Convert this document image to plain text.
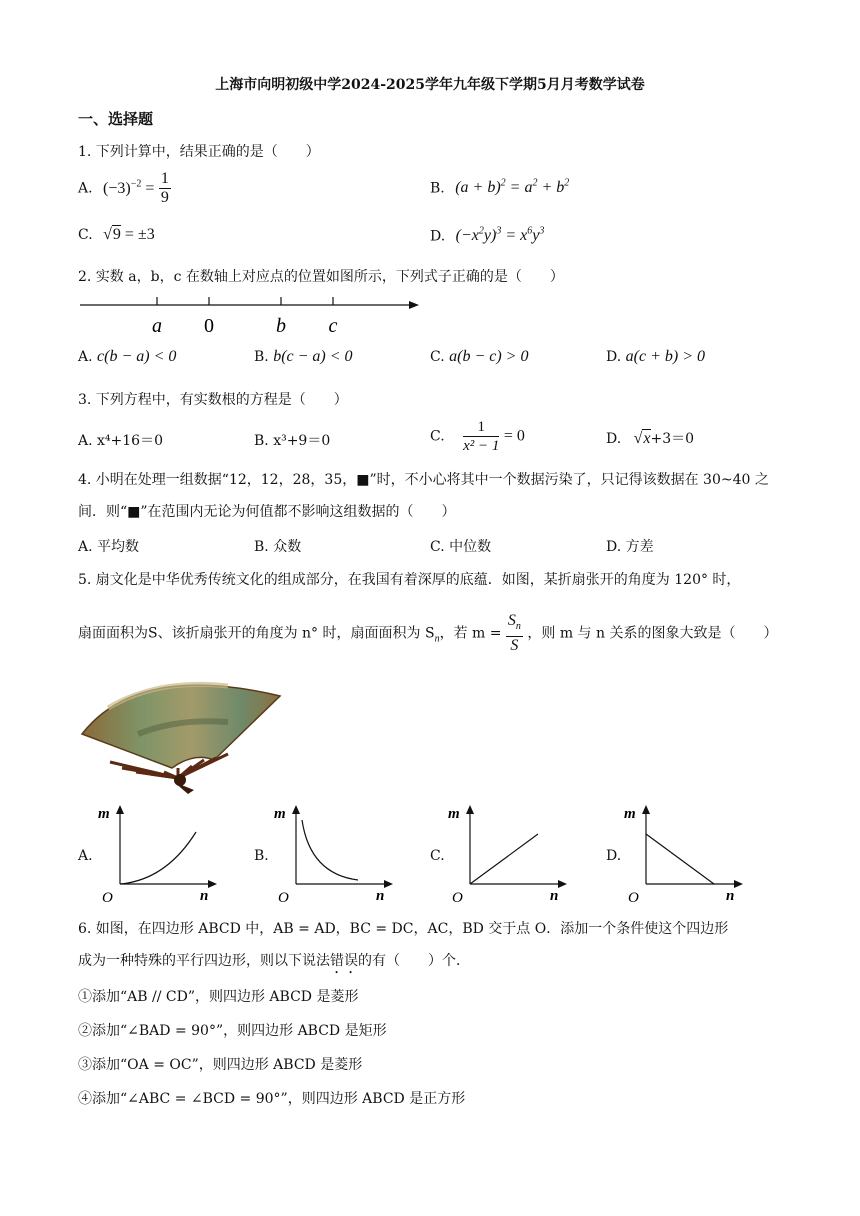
上海市向明初级中学2024-2025学年九年级下学期5月月考数学试卷
一、选择题
1. 下列计算中，结果正确的是（　　）
A. $(-3)^{-2} = \frac{1}{9}$	B. $(a + b)^2 = a^2 + b^2$
C. √9 = ±3	D. $(-x^2y)^3 = x^6y^3$
2. 实数 a，b，c 在数轴上对应点的位置如图所示，下列式子正确的是（　　）
a 0	b c
A. c(b − a) < 0	B. b(c − a) < 0	C. a(b − c) > 0	D. a(c + b) > 0
3. 下列方程中，有实数根的方程是（　　）
A. x⁴+16＝0	B. x³+9＝0	C. $\frac{1}{\text{x² − 1}} = 0$	D. √x+3＝0
4. 小明在处理一组数据“12，12，28，35，■”时，不小心将其中一个数据污染了，只记得该数据在 30~40 之
间．则“■”在范围内无论为何值都不影响这组数据的（　　）
A. 平均数	B. 众数	C. 中位数	D. 方差
5. 扇文化是中华优秀传统文化的组成部分，在我国有着深厚的底蕴．如图，某折扇张开的角度为 120° 时，
扇面面积为S、该折扇张开的角度为 n° 时，扇面面积为 $S_n$，若 $m = \frac{S_n}{S}$ ，则 m 与 n 关系的图象大致是（　　）
A.	B.	C.	D.
m
n
O
m
n
O
m
n
O
m
n
O
6. 如图，在四边形 ABCD 中，AB = AD，BC = DC，AC，BD 交于点 O．添加一个条件使这个四边形
成为一种特殊的平行四边形，则以下说法错误的有（　　）个．
①添加“AB // CD”，则四边形 ABCD 是菱形
②添加“∠BAD = 90°”，则四边形 ABCD 是矩形
③添加“OA = OC”，则四边形 ABCD 是菱形
④添加“∠ABC = ∠BCD = 90°”，则四边形 ABCD 是正方形
